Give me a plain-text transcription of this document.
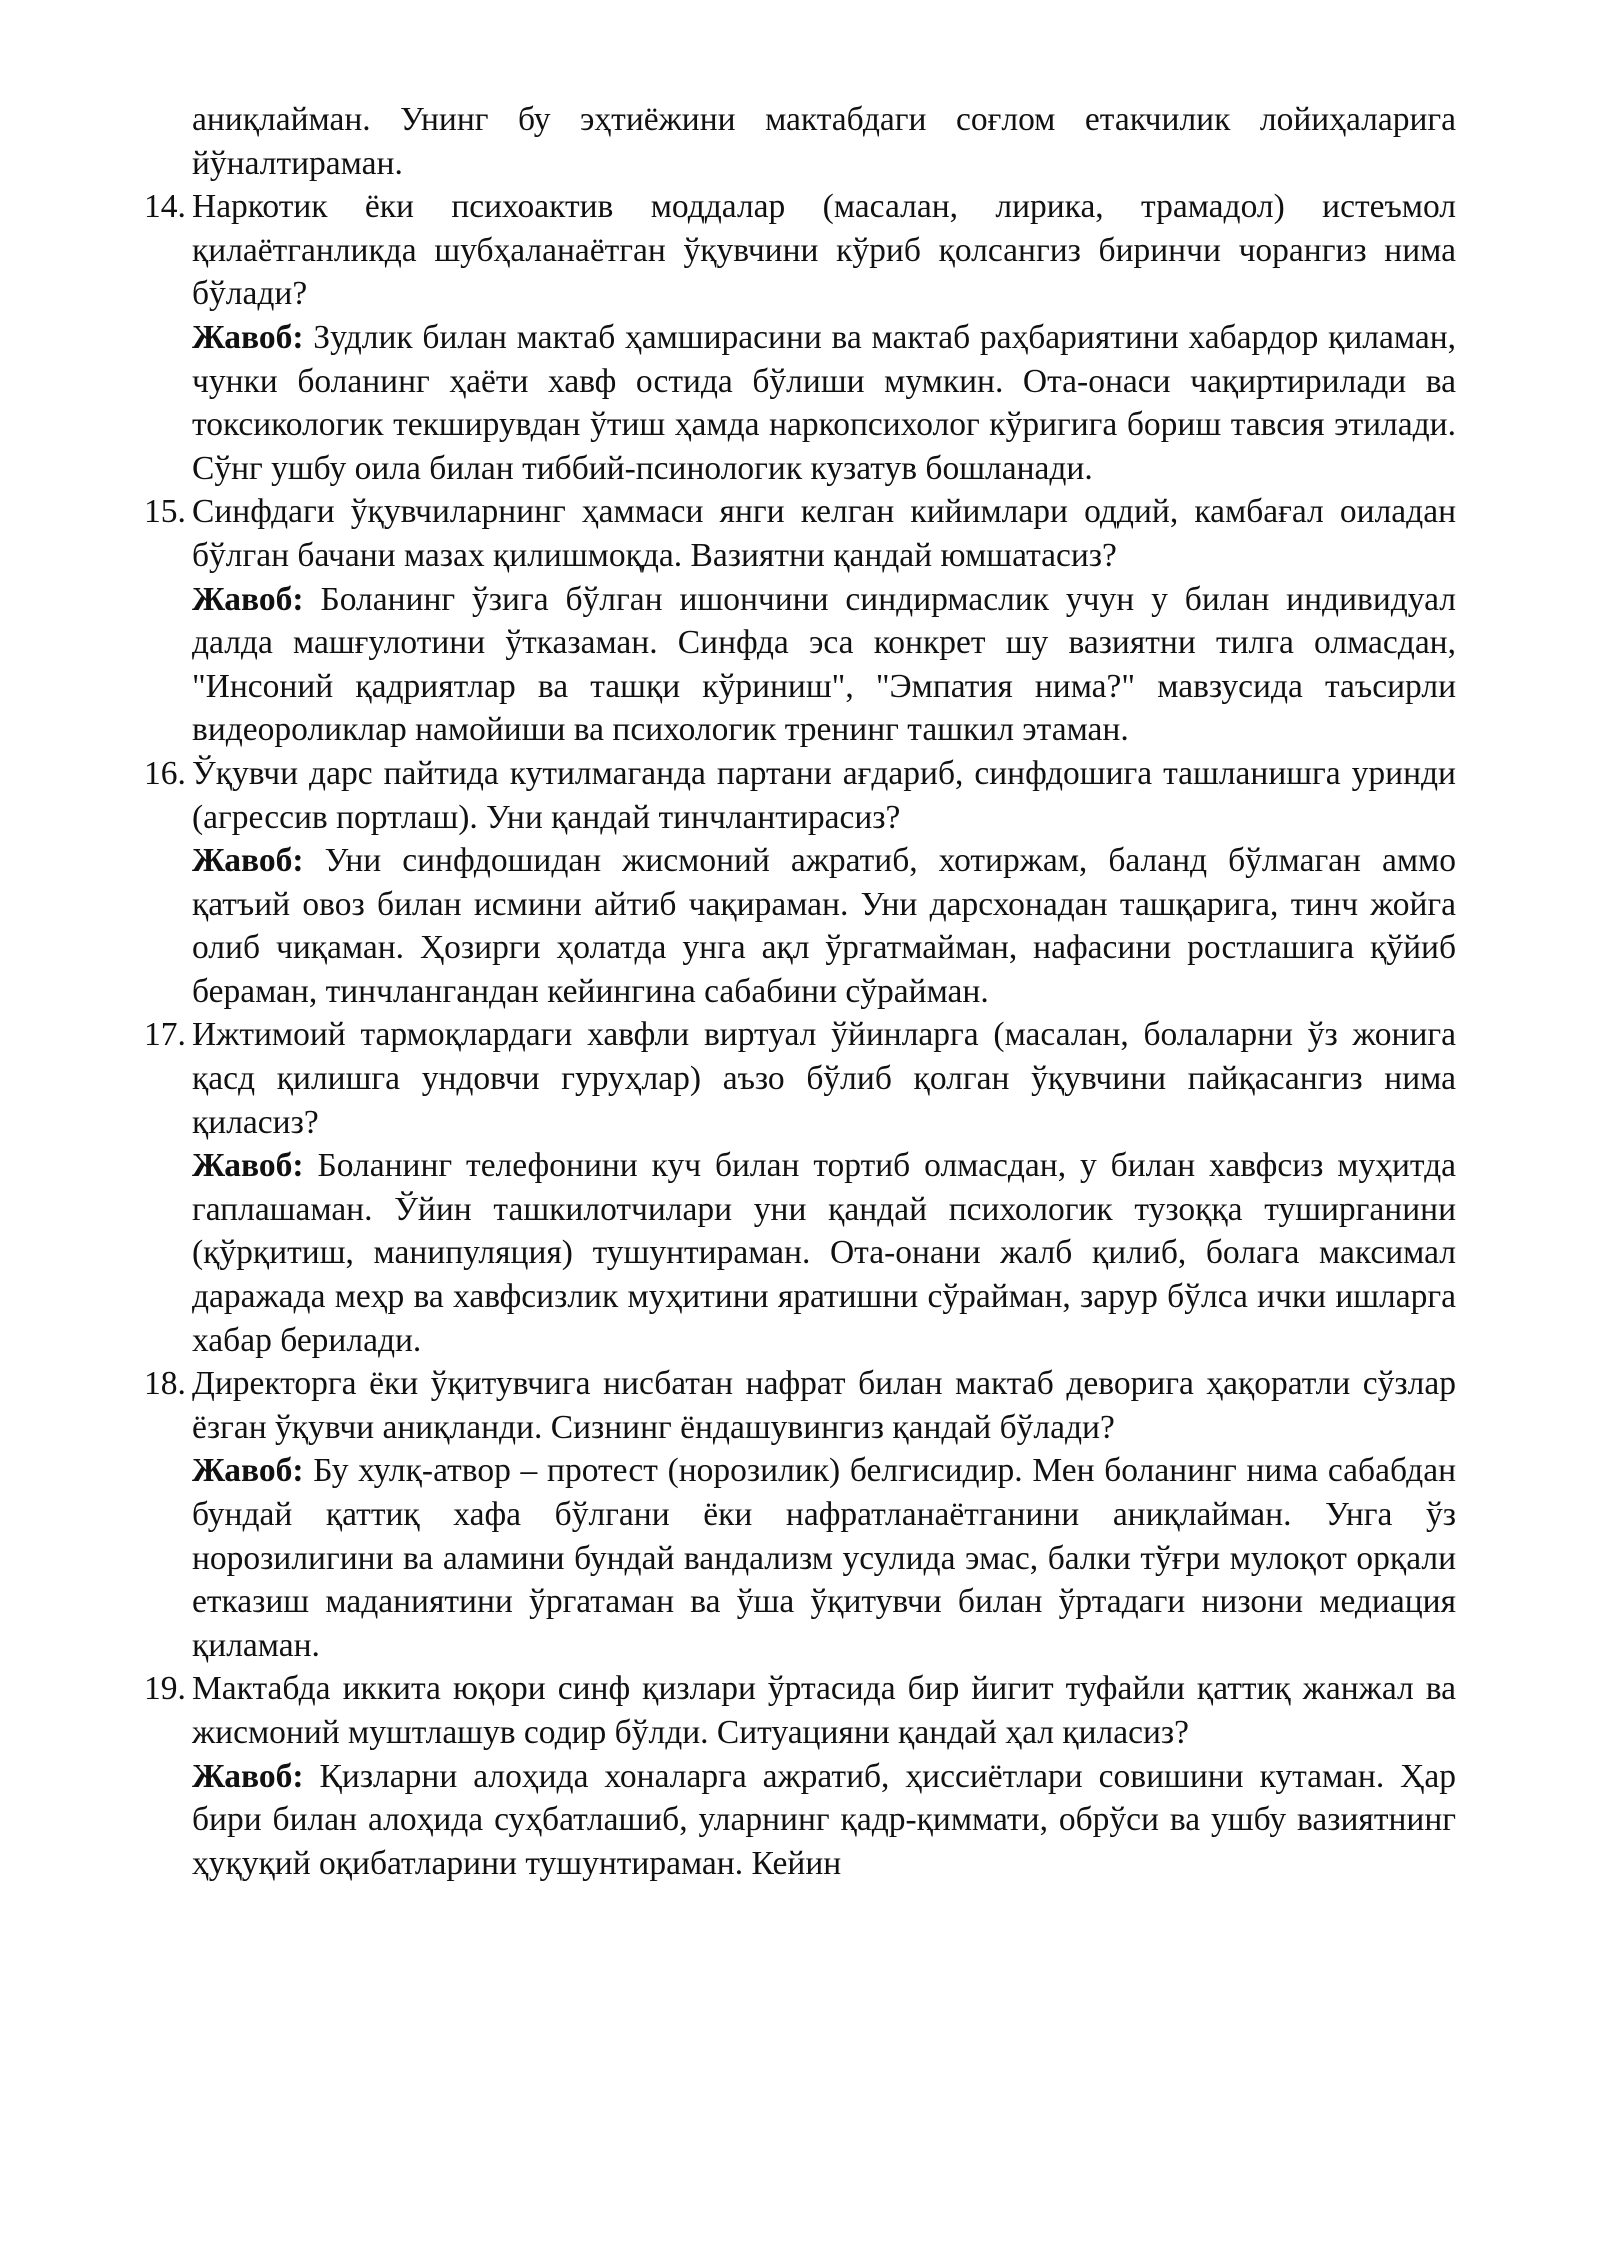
аниқлайман. Унинг бу эҳтиёжини мактабдаги соғлом етакчилик лойиҳаларига йўналтираман.

14. Наркотик ёки психоактив моддалар (масалан, лирика, трамадол) истеъмол қилаётганликда шубҳаланаётган ўқувчини кўриб қолсангиз биринчи чорангиз нима бўлади?

Жавоб: Зудлик билан мактаб ҳамширасини ва мактаб раҳбариятини хабардор қиламан, чунки боланинг ҳаёти хавф остида бўлиши мумкин. Ота-онаси чақиртирилади ва токсикологик текширувдан ўтиш ҳамда наркопсихолог кўригига бориш тавсия этилади. Сўнг ушбу оила билан тиббий-псинологик кузатув бошланади.

15. Синфдаги ўқувчиларнинг ҳаммаси янги келган кийимлари оддий, камбағал оиладан бўлган бачани мазах қилишмоқда. Вазиятни қандай юмшатасиз?

Жавоб: Боланинг ўзига бўлган ишончини синдирмаслик учун у билан индивидуал далда машғулотини ўтказаман. Синфда эса конкрет шу вазиятни тилга олмасдан, "Инсоний қадриятлар ва ташқи кўриниш", "Эмпатия нима?" мавзусида таъсирли видеороликлар намойиши ва психологик тренинг ташкил этаман.

16. Ўқувчи дарс пайтида кутилмаганда партани ағдариб, синфдошига ташланишга уринди (агрессив портлаш). Уни қандай тинчлантирасиз?

Жавоб: Уни синфдошидан жисмоний ажратиб, хотиржам, баланд бўлмаган аммо қатъий овоз билан исмини айтиб чақираман. Уни дарсхонадан ташқарига, тинч жойга олиб чиқаман. Ҳозирги ҳолатда унга ақл ўргатмайман, нафасини ростлашига қўйиб бераман, тинчлангандан кейингина сабабини сўрайман.

17. Ижтимоий тармоқлардаги хавфли виртуал ўйинларга (масалан, болаларни ўз жонига қасд қилишга ундовчи гуруҳлар) аъзо бўлиб қолган ўқувчини пайқасангиз нима қиласиз?

Жавоб: Боланинг телефонини куч билан тортиб олмасдан, у билан хавфсиз муҳитда гаплашаман. Ўйин ташкилотчилари уни қандай психологик тузоққа туширганини (қўрқитиш, манипуляция) тушунтираман. Ота-онани жалб қилиб, болага максимал даражада меҳр ва хавфсизлик муҳитини яратишни сўрайман, зарур бўлса ички ишларга хабар берилади.

18. Директорга ёки ўқитувчига нисбатан нафрат билан мактаб деворига ҳақоратли сўзлар ёзган ўқувчи аниқланди. Сизнинг ёндашувингиз қандай бўлади?

Жавоб: Бу хулқ-атвор – протест (норозилик) белгисидир. Мен боланинг нима сабабдан бундай қаттиқ хафа бўлгани ёки нафратланаётганини аниқлайман. Унга ўз норозилигини ва аламини бундай вандализм усулида эмас, балки тўғри мулоқот орқали етказиш маданиятини ўргатаман ва ўша ўқитувчи билан ўртадаги низони медиация қиламан.

19. Мактабда иккита юқори синф қизлари ўртасида бир йигит туфайли қаттиқ жанжал ва жисмоний муштлашув содир бўлди. Ситуацияни қандай ҳал қиласиз?

Жавоб: Қизларни алоҳида хоналарга ажратиб, ҳиссиётлари совишини кутаман. Ҳар бири билан алоҳида суҳбатлашиб, уларнинг қадр-қиммати, обрўси ва ушбу вазиятнинг ҳуқуқий оқибатларини тушунтираман. Кейин
